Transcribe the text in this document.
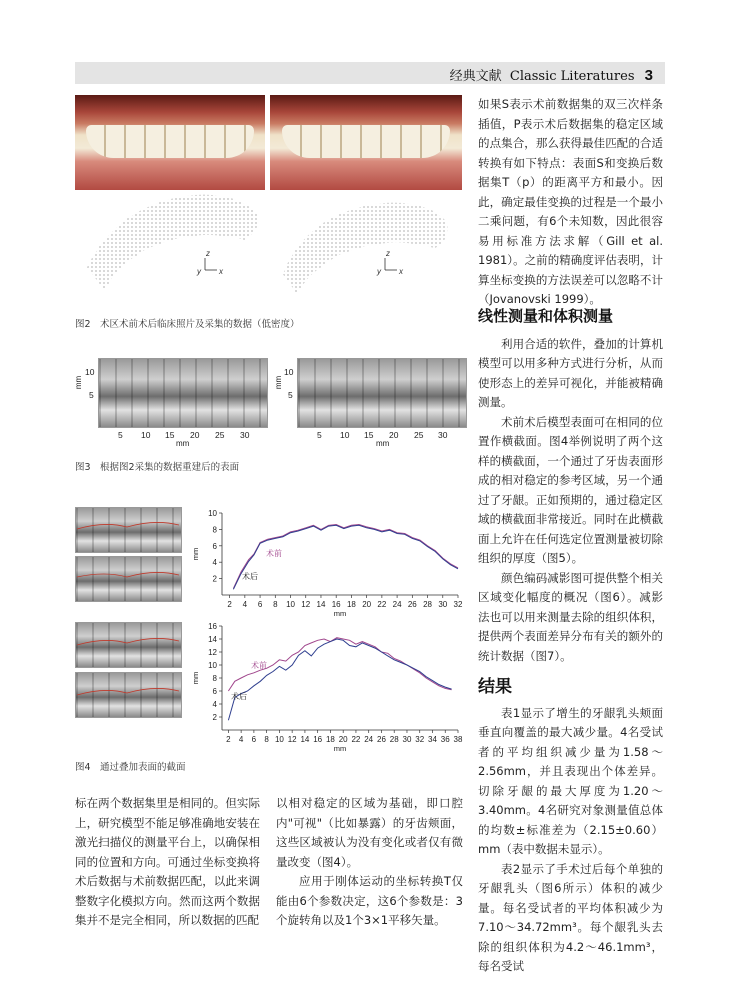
经典文献 Classic Literatures 3
z
y x
z
y x
图2　术区术前术后临床照片及采集的数据（低密度）
mm
10
5
5 10 15 20 25 30
mm
mm
10
5
5 10 15 20 25 30
mm
图3　根据图2采集的数据重建后的表面
2
4
6
8
10
2 4 6 8 10 12 14 16 18 20 22 24 26 28 30 32
mm
mm
2
4
6
8
10
12
14
16
2 4 6 8 10 12 14 16 18 20 22 24 26 28 30 32 34 36 38
mm
mm
术前
术后
术前
术后
图4　通过叠加表面的截面

如果S表示术前数据集的双三次样条插值，P表示术后数据集的稳定区域的点集合，那么获得最佳匹配的合适转换有如下特点：表面S和变换后数据集T（p）的距离平方和最小。因此，确定最佳变换的过程是一个最小二乘问题，有6个未知数，因此很容易用标准方法求解（Gill et al. 1981）。之前的精确度评估表明，计算坐标变换的方法误差可以忽略不计（Jovanovski 1999）。

线性测量和体积测量

利用合适的软件，叠加的计算机模型可以用多种方式进行分析，从而使形态上的差异可视化，并能被精确测量。

术前术后模型表面可在相同的位置作横截面。图4举例说明了两个这样的横截面，一个通过了牙齿表面形成的相对稳定的参考区域，另一个通过了牙龈。正如预期的，通过稳定区域的横截面非常接近。同时在此横截面上允许在任何选定位置测量被切除组织的厚度（图5）。

颜色编码减影图可提供整个相关区域变化幅度的概况（图6）。减影法也可以用来测量去除的组织体积，提供两个表面差异分布有关的额外的统计数据（图7）。

结果

表1显示了增生的牙龈乳头颊面垂直向覆盖的最大减少量。4名受试者的平均组织减少量为1.58～2.56mm，并且表现出个体差异。切除牙龈的最大厚度为1.20～3.40mm。4名研究对象测量值总体的均数±标准差为（2.15±0.60）mm（表中数据未显示）。

表2显示了手术过后每个单独的牙龈乳头（图6所示）体积的减少量。每名受试者的平均体积减少为7.10～34.72mm³。每个龈乳头去除的组织体积为4.2～46.1mm³，每名受试

标在两个数据集里是相同的。但实际上，研究模型不能足够准确地安装在激光扫描仪的测量平台上，以确保相同的位置和方向。可通过坐标变换将术后数据与术前数据匹配，以此来调整数字化模拟方向。然而这两个数据集并不是完全相同，所以数据的匹配

以相对稳定的区域为基础，即口腔内"可视"（比如暴露）的牙齿颊面，这些区域被认为没有变化或者仅有微量改变（图4）。

应用于刚体运动的坐标转换T仅能由6个参数决定，这6个参数是：3个旋转角以及1个3×1平移矢量。
